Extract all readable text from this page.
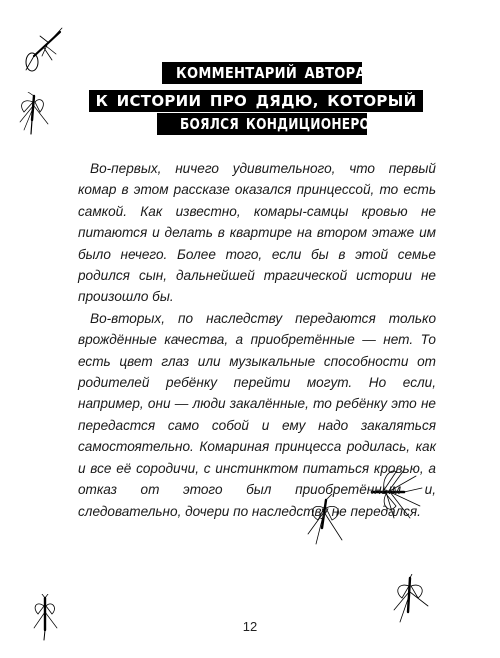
КОММЕНТАРИЙ АВТОРА
К ИСТОРИИ ПРО ДЯДЮ, КОТОРЫЙ
БОЯЛСЯ КОНДИЦИОНЕРОВ

Во-первых, ничего удивительного, что первый комар в этом рассказе оказался принцессой, то есть самкой. Как известно, комары-самцы кровью не питаются и делать в квартире на втором этаже им было нечего. Более того, если бы в этой семье родился сын, дальнейшей трагической истории не произошло бы.

Во-вторых, по наследству передаются только врождённые качества, а приобретённые — нет. То есть цвет глаз или музыкальные способности от родителей ребёнку перейти могут. Но если, например, они — люди закалённые, то ребёнку это не передастся само собой и ему надо закаляться самостоятельно. Комариная принцесса родилась, как и все её сородичи, с инстинктом питаться кровью, а отказ от этого был приобретённым и, следовательно, дочери по наследству не передался.

12
